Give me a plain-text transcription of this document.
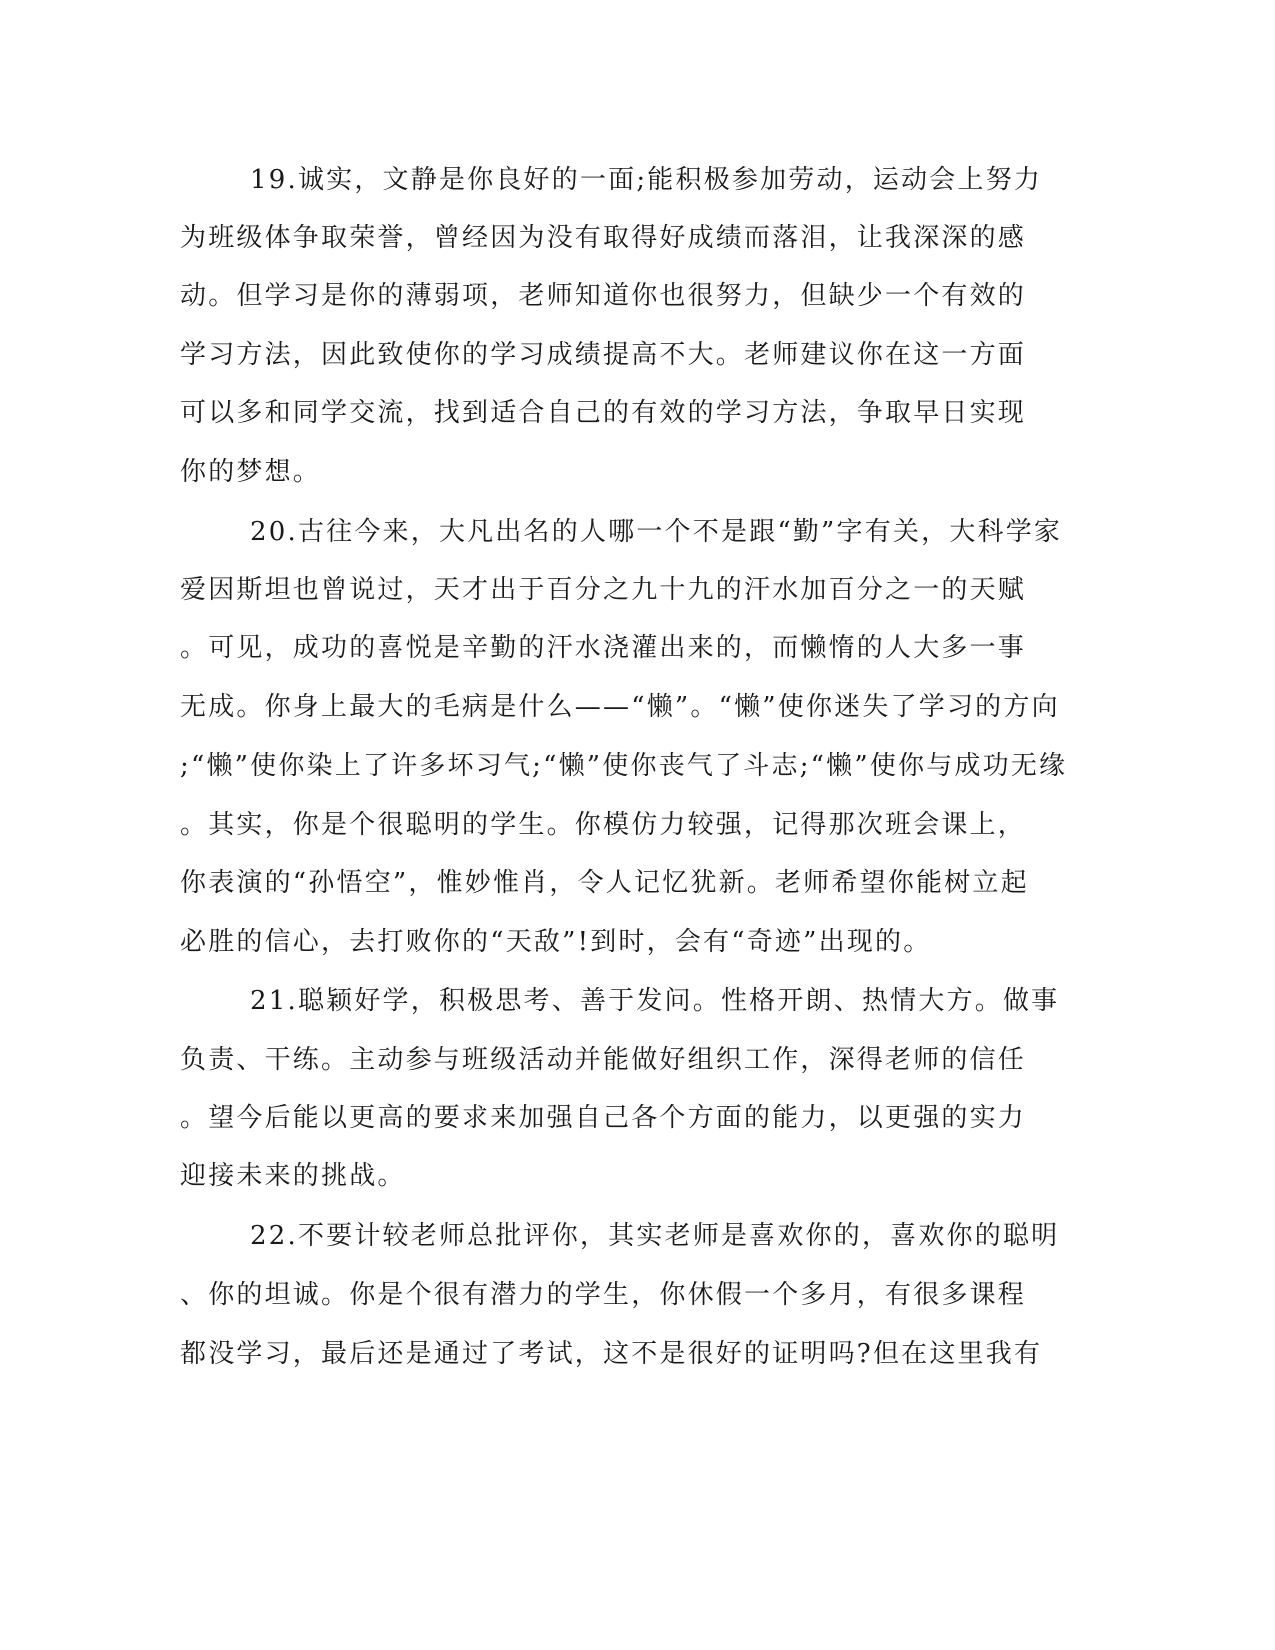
19.诚实，文静是你良好的一面;能积极参加劳动，运动会上努力
为班级体争取荣誉，曾经因为没有取得好成绩而落泪，让我深深的感
动。但学习是你的薄弱项，老师知道你也很努力，但缺少一个有效的
学习方法，因此致使你的学习成绩提高不大。老师建议你在这一方面
可以多和同学交流，找到适合自己的有效的学习方法，争取早日实现
你的梦想。
20.古往今来，大凡出名的人哪一个不是跟“勤”字有关，大科学家
爱因斯坦也曾说过，天才出于百分之九十九的汗水加百分之一的天赋
。可见，成功的喜悦是辛勤的汗水浇灌出来的，而懒惰的人大多一事
无成。你身上最大的毛病是什么——“懒”。“懒”使你迷失了学习的方向
;“懒”使你染上了许多坏习气;“懒”使你丧气了斗志;“懒”使你与成功无缘
。其实，你是个很聪明的学生。你模仿力较强，记得那次班会课上，
你表演的“孙悟空”，惟妙惟肖，令人记忆犹新。老师希望你能树立起
必胜的信心，去打败你的“天敌”!到时，会有“奇迹”出现的。
21.聪颖好学，积极思考、善于发问。性格开朗、热情大方。做事
负责、干练。主动参与班级活动并能做好组织工作，深得老师的信任
。望今后能以更高的要求来加强自己各个方面的能力，以更强的实力
迎接未来的挑战。
22.不要计较老师总批评你，其实老师是喜欢你的，喜欢你的聪明
、你的坦诚。你是个很有潜力的学生，你休假一个多月，有很多课程
都没学习，最后还是通过了考试，这不是很好的证明吗?但在这里我有
